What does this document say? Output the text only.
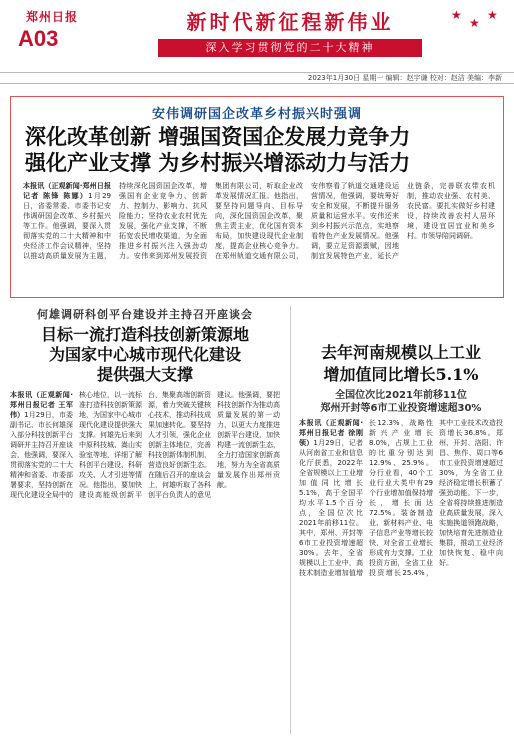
郑州日报
A03
新时代新征程新伟业
深入学习贯彻党的二十大精神
★
★
★
2023年1月30日 星期一 编辑：赵宇谦 校对：赵洁 美编：李新
安伟调研国企改革乡村振兴时强调
深化改革创新 增强国资国企发展力竞争力
强化产业支撑 为乡村振兴增添动力与活力
本报讯（正观新闻·郑州日报记者 陈锋 陈娜）1月29日，省委常委、市委书记安伟调研国企改革、乡村振兴等工作。他强调，要深入贯彻落实党的二十大精神和中央经济工作会议精神，坚持以推动高质量发展为主题，持续深化国资国企改革，增强国有企业竞争力、创新力、控制力、影响力、抗风险能力；坚持农业农村优先发展，强化产业支撑，不断拓宽农民增收渠道，为全面推进乡村振兴注入强劲动力。安伟来到郑州发展投资集团有限公司，听取企业改革发展情况汇报。他指出，要坚持问题导向、目标导向，深化国资国企改革，聚焦主责主业，优化国有资本布局，加快建设现代企业制度，提高企业核心竞争力。在郑州轨道交通有限公司，安伟察看了轨道交通建设运营情况，他强调，要统筹好安全和发展，不断提升服务质量和运营水平。安伟还来到乡村振兴示范点，实地察看特色产业发展情况。他强调，要立足资源禀赋，因地制宜发展特色产业，延长产业链条，完善联农带农机制，推动农业强、农村美、农民富。要扎实做好乡村建设，持续改善农村人居环境，建设宜居宜业和美乡村。市领导陪同调研。
何雄调研科创平台建设并主持召开座谈会
目标一流打造科技创新策源地
为国家中心城市现代化建设
提供强大支撑
本报讯（正观新闻·郑州日报记者 王军伟）1月29日，市委副书记、市长何雄深入部分科技创新平台调研并主持召开座谈会，他强调，要深入贯彻落实党的二十大精神和省委、市委部署要求，坚持创新在现代化建设全局中的核心地位，以一流标准打造科技创新策源地，为国家中心城市现代化建设提供强大支撑。何雄先后来到中原科技城、嵩山实验室等地，详细了解科创平台建设、科研攻关、人才引进等情况。他指出，要加快建设高能级创新平台，集聚高端创新资源，着力突破关键核心技术，推动科技成果加速转化。要坚持人才引领，强化企业创新主体地位，完善科技创新体制机制，营造良好创新生态。在随后召开的座谈会上，何雄听取了各科创平台负责人的意见建议。他强调，要把科技创新作为推动高质量发展的第一动力，以更大力度推进创新平台建设，加快构建一流创新生态，全力打造国家创新高地，努力为全省高质量发展作出郑州贡献。
去年河南规模以上工业
增加值同比增长5.1%
全国位次比2021年前移11位
郑州开封等6市工业投资增速超30%
本报讯（正观新闻·郑州日报记者 徐刚领）1月29日，记者从河南省工业和信息化厅获悉，2022年全省规模以上工业增加值同比增长5.1%，高于全国平均水平1.5个百分点，全国位次比2021年前移11位。其中，郑州、开封等6市工业投资增速超30%。去年，全省规模以上工业中，高技术制造业增加值增长12.3%，战略性新兴产业增长8.0%，占规上工业的比重分别达到12.9%、25.9%。分行业看，40个工业行业大类中有29个行业增加值保持增长，增长面达72.5%。装备制造业、新材料产业、电子信息产业等增长较快，对全省工业增长形成有力支撑。工业投资方面，全省工业投资增长25.4%，其中工业技术改造投资增长36.8%。郑州、开封、洛阳、许昌、焦作、周口等6市工业投资增速超过30%，为全省工业经济稳定增长积蓄了强劲动能。下一步，全省将持续推进制造业高质量发展，深入实施换道领跑战略，加快培育先进制造业集群，推动工业经济加快恢复、稳中向好。
